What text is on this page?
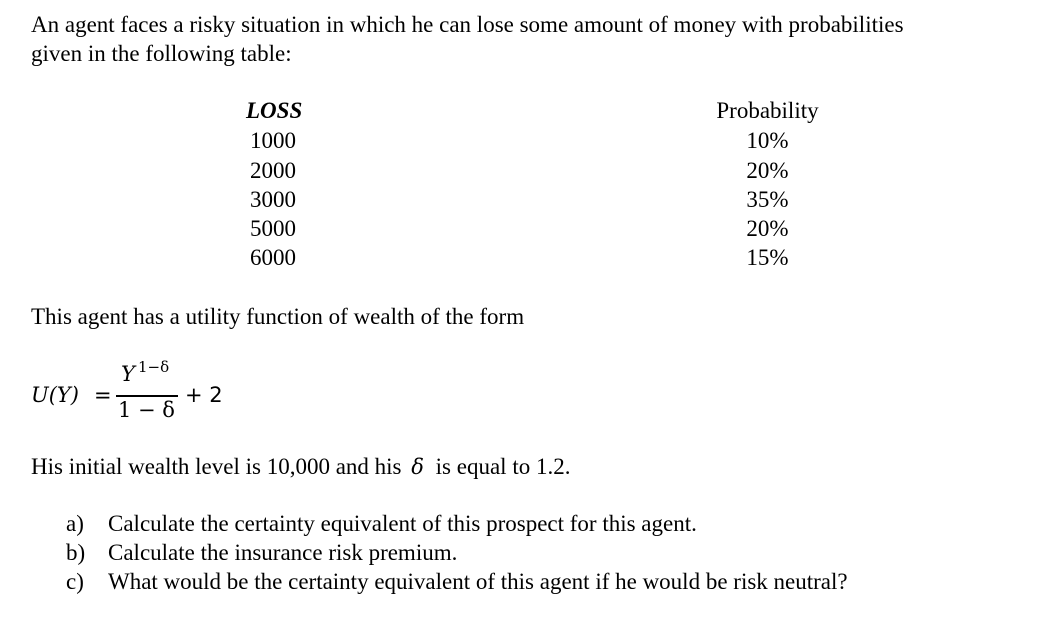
An agent faces a risky situation in which he can lose some amount of money with probabilities
given in the following table:
LOSS	Probability
1000
2000
3000
5000
6000
10%
20%
35%
20%
15%
This agent has a utility function of wealth of the form
U(Y) =
Y 1−δ
1 − δ
+ 2
His initial wealth level is 10,000 and his δ is equal to 1.2.
a) Calculate the certainty equivalent of this prospect for this agent.
b) Calculate the insurance risk premium.
c) What would be the certainty equivalent of this agent if he would be risk neutral?
